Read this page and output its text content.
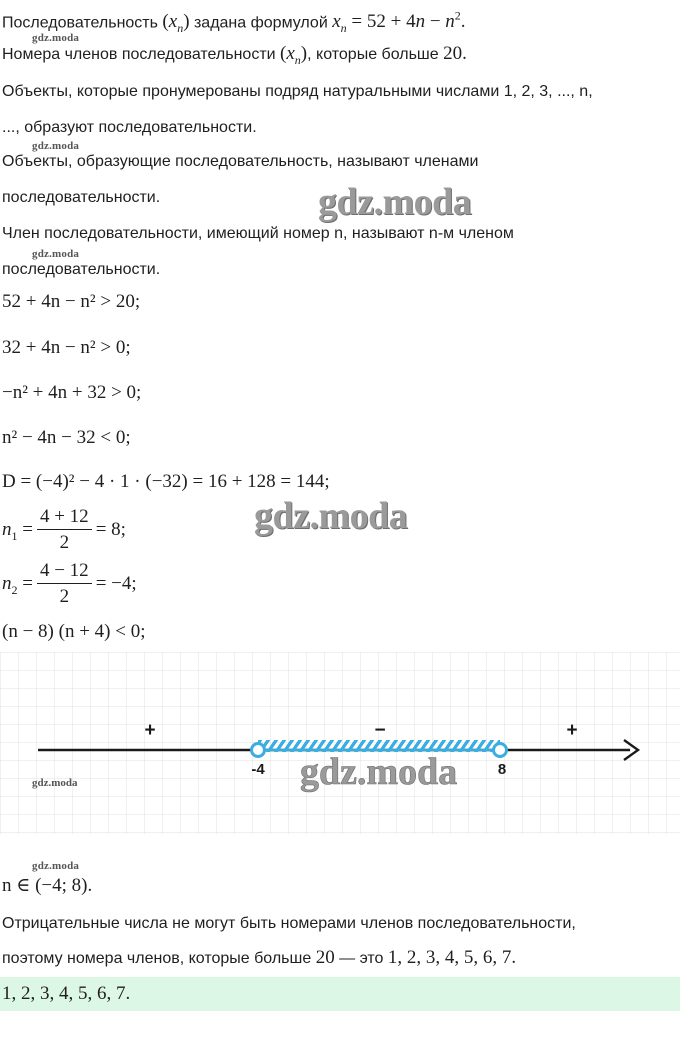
Последовательность $(x_n)$ задана формулой $x_n = 52 + 4n - n^2$.
gdz.moda
Номера членов последовательности $(x_n)$, которые больше 20.
Объекты, которые пронумерованы подряд натуральными числами 1, 2, 3, ..., n,
..., образуют последовательности.
gdz.moda
Объекты, образующие последовательность, называют членами
последовательности.	gdz.moda
Член последовательности, имеющий номер n, называют n-м членом
gdz.moda
последовательности.
52 + 4n − n² > 20;
32 + 4n − n² > 0;
−n² + 4n + 32 > 0;
n² − 4n − 32 < 0;
D = (−4)² − 4 · 1 · (−32) = 16 + 128 = 144;
gdz.moda
$n_1 = \frac{4 + 12}{2} = 8$;
$n_2 = \frac{4 - 12}{2} = -4$;
(n − 8) (n + 4) < 0;
+	−	+
-4	8
gdz.moda	gdz.moda
gdz.moda
n ∈ (−4; 8).
Отрицательные числа не могут быть номерами членов последовательности,
поэтому номера членов, которые больше 20 — это 1, 2, 3, 4, 5, 6, 7.
1, 2, 3, 4, 5, 6, 7.
